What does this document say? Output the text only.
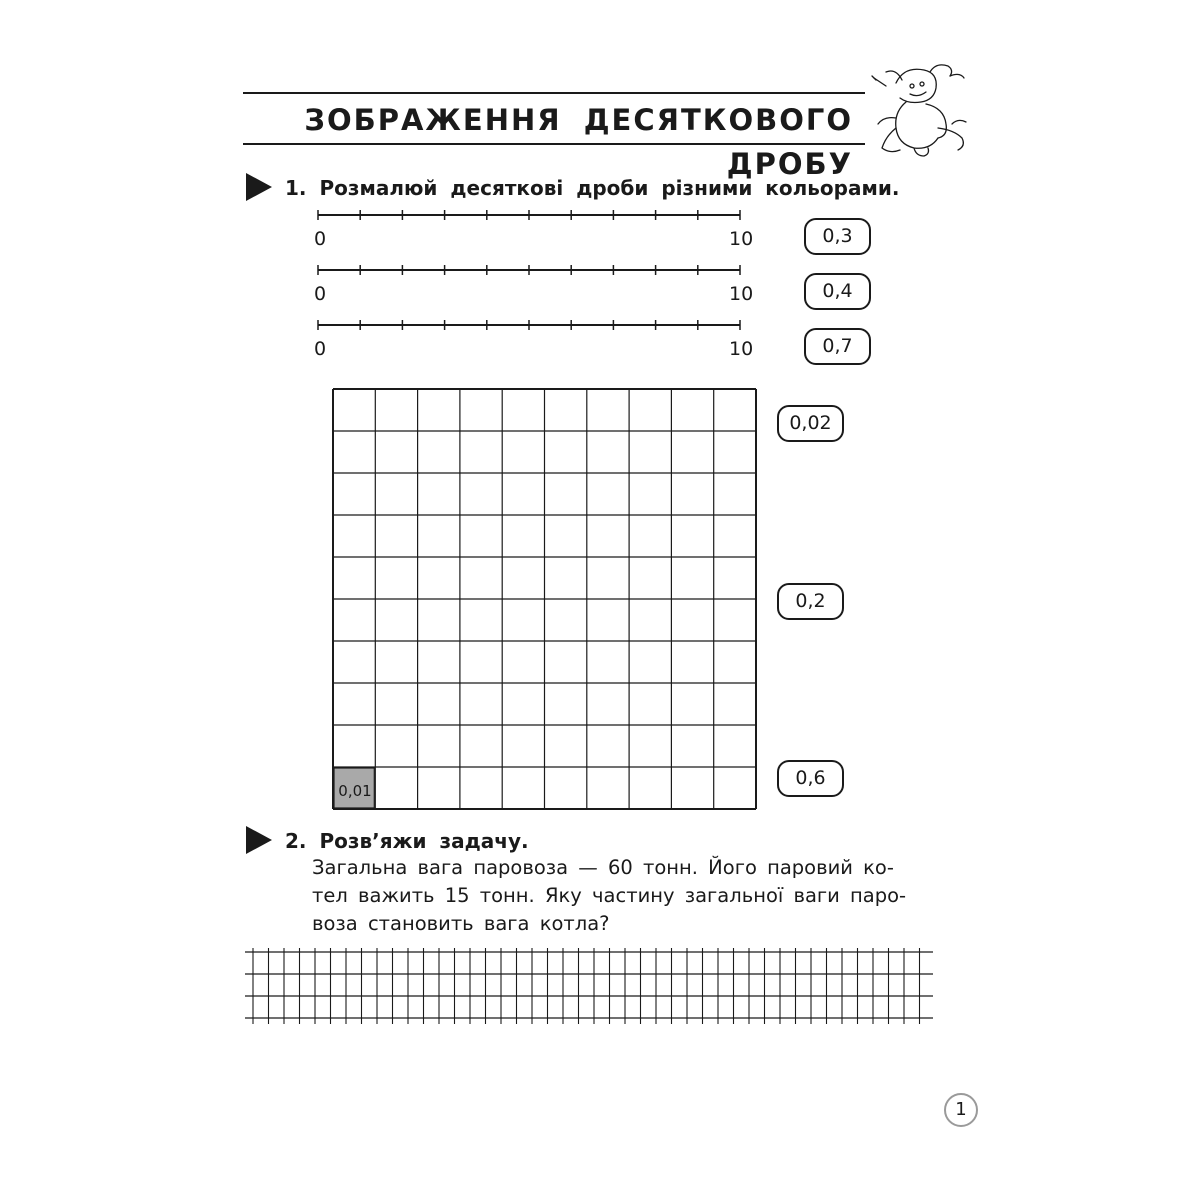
ЗОБРАЖЕННЯ ДЕСЯТКОВОГО ДРОБУ
1. Розмалюй десяткові дроби різними кольорами.
0	10
0	10
0	10
0,3
0,4
0,7
0,01
0,02
0,2
0,6
2. Розв’яжи задачу.
Загальна вага паровоза — 60 тонн. Його паровий ко-
тел важить 15 тонн. Яку частину загальної ваги паро-
воза становить вага котла?
1
